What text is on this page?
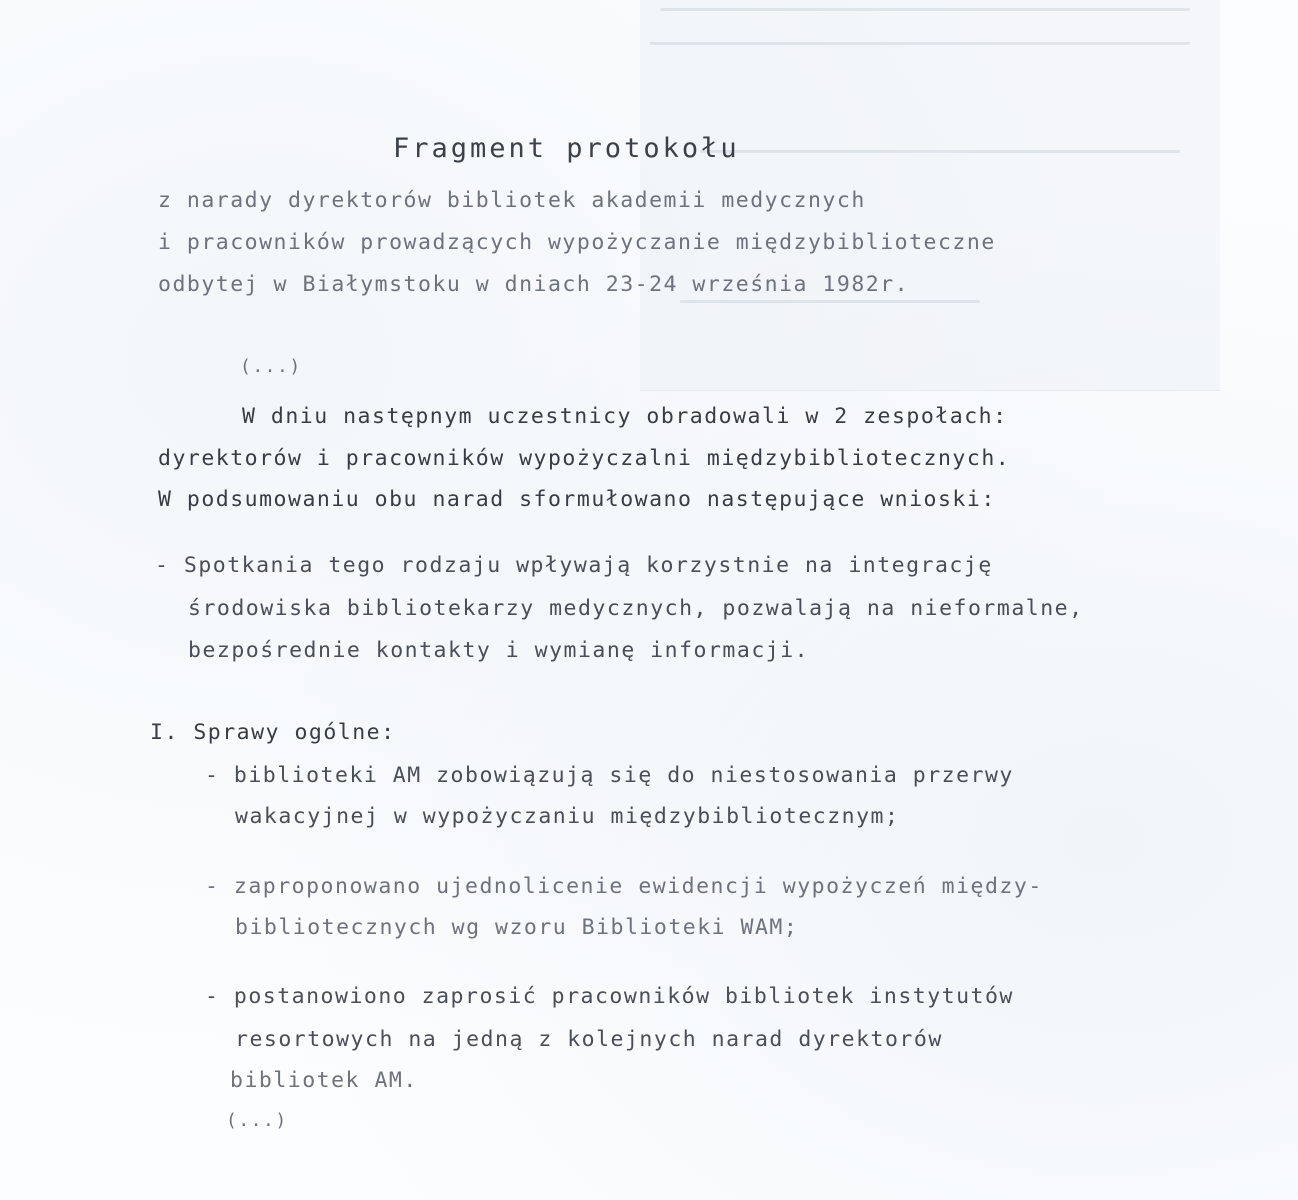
Fragment protokołu
z narady dyrektorów bibliotek akademii medycznych
i pracowników prowadzących wypożyczanie międzybiblioteczne
odbytej w Białymstoku w dniach 23-24 września 1982r.
(...)
W dniu następnym uczestnicy obradowali w 2 zespołach:
dyrektorów i pracowników wypożyczalni międzybibliotecznych.
W podsumowaniu obu narad sformułowano następujące wnioski:
- Spotkania tego rodzaju wpływają korzystnie na integrację
środowiska bibliotekarzy medycznych, pozwalają na nieformalne,
bezpośrednie kontakty i wymianę informacji.
I. Sprawy ogólne:
- biblioteki AM zobowiązują się do niestosowania przerwy
wakacyjnej w wypożyczaniu międzybibliotecznym;
- zaproponowano ujednolicenie ewidencji wypożyczeń między-
bibliotecznych wg wzoru Biblioteki WAM;
- postanowiono zaprosić pracowników bibliotek instytutów
resortowych na jedną z kolejnych narad dyrektorów
bibliotek AM.
(...)
